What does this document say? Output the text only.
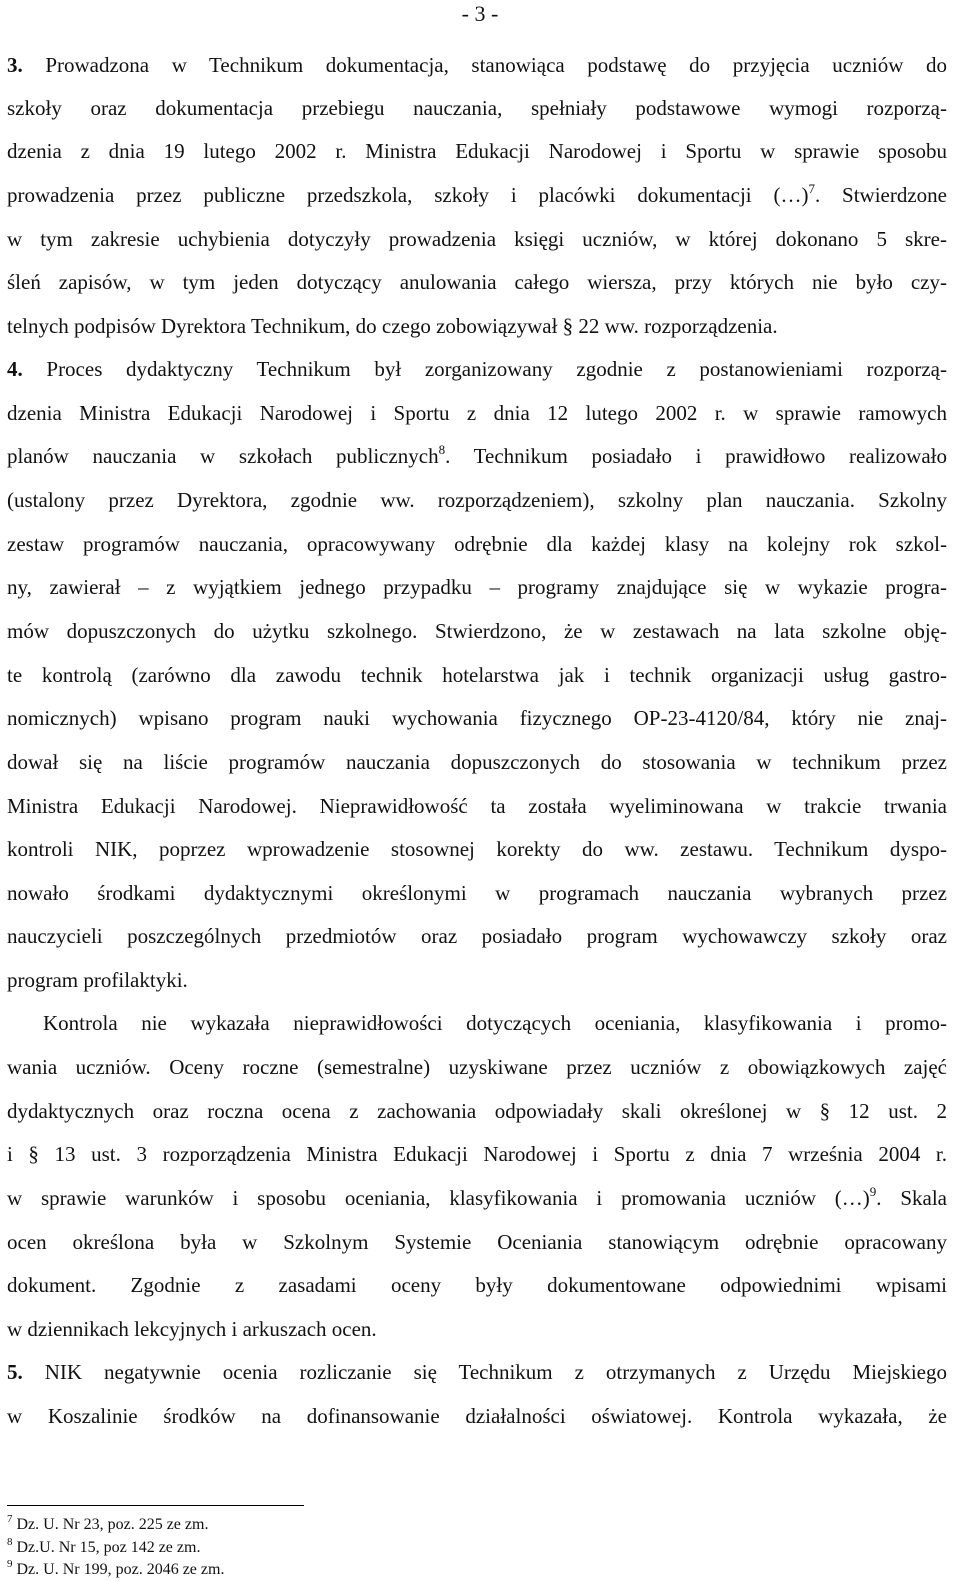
- 3 -
3. Prowadzona w Technikum dokumentacja, stanowiąca podstawę do przyjęcia uczniów do
szkoły oraz dokumentacja przebiegu nauczania, spełniały podstawowe wymogi rozporzą-
dzenia z dnia 19 lutego 2002 r. Ministra Edukacji Narodowej i Sportu w sprawie sposobu
prowadzenia przez publiczne przedszkola, szkoły i placówki dokumentacji (…)$^7$. Stwierdzone
w tym zakresie uchybienia dotyczyły prowadzenia księgi uczniów, w której dokonano 5 skre-
śleń zapisów, w tym jeden dotyczący anulowania całego wiersza, przy których nie było czy-
telnych podpisów Dyrektora Technikum, do czego zobowiązywał § 22 ww. rozporządzenia.
4. Proces dydaktyczny Technikum był zorganizowany zgodnie z postanowieniami rozporzą-
dzenia Ministra Edukacji Narodowej i Sportu z dnia 12 lutego 2002 r. w sprawie ramowych
planów nauczania w szkołach publicznych$^8$. Technikum posiadało i prawidłowo realizowało
(ustalony przez Dyrektora, zgodnie ww. rozporządzeniem), szkolny plan nauczania. Szkolny
zestaw programów nauczania, opracowywany odrębnie dla każdej klasy na kolejny rok szkol-
ny, zawierał – z wyjątkiem jednego przypadku – programy znajdujące się w wykazie progra-
mów dopuszczonych do użytku szkolnego. Stwierdzono, że w zestawach na lata szkolne obję-
te kontrolą (zarówno dla zawodu technik hotelarstwa jak i technik organizacji usług gastro-
nomicznych) wpisano program nauki wychowania fizycznego OP-23-4120/84, który nie znaj-
dował się na liście programów nauczania dopuszczonych do stosowania w technikum przez
Ministra Edukacji Narodowej. Nieprawidłowość ta została wyeliminowana w trakcie trwania
kontroli NIK, poprzez wprowadzenie stosownej korekty do ww. zestawu. Technikum dyspo-
nowało środkami dydaktycznymi określonymi w programach nauczania wybranych przez
nauczycieli poszczególnych przedmiotów oraz posiadało program wychowawczy szkoły oraz
program profilaktyki.
Kontrola nie wykazała nieprawidłowości dotyczących oceniania, klasyfikowania i promo-
wania uczniów. Oceny roczne (semestralne) uzyskiwane przez uczniów z obowiązkowych zajęć
dydaktycznych oraz roczna ocena z zachowania odpowiadały skali określonej w § 12 ust. 2
i § 13 ust. 3 rozporządzenia Ministra Edukacji Narodowej i Sportu z dnia 7 września 2004 r.
w sprawie warunków i sposobu oceniania, klasyfikowania i promowania uczniów (…)$^9$. Skala
ocen określona była w Szkolnym Systemie Oceniania stanowiącym odrębnie opracowany
dokument. Zgodnie z zasadami oceny były dokumentowane odpowiednimi wpisami
w dziennikach lekcyjnych i arkuszach ocen.
5. NIK negatywnie ocenia rozliczanie się Technikum z otrzymanych z Urzędu Miejskiego
w Koszalinie środków na dofinansowanie działalności oświatowej. Kontrola wykazała, że
$^7$ Dz. U. Nr 23, poz. 225 ze zm.
$^8$ Dz.U. Nr 15, poz 142 ze zm.
$^9$ Dz. U. Nr 199, poz. 2046 ze zm.
